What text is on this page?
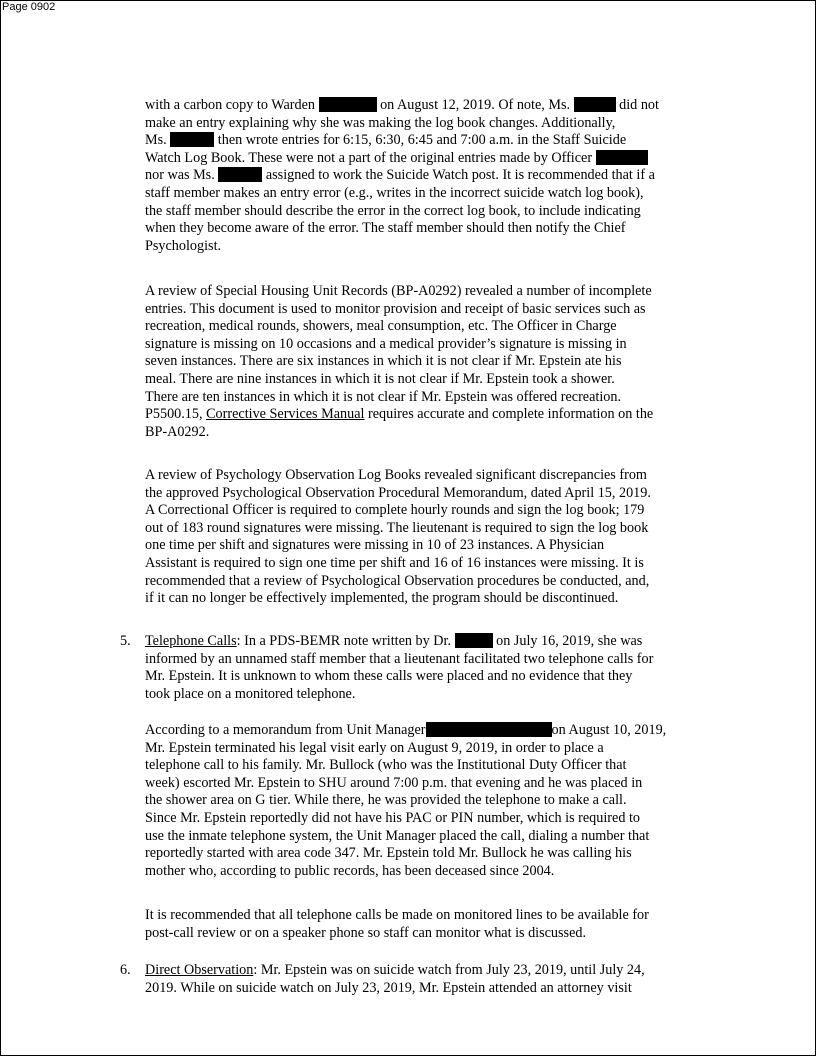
Page 0902
with a carbon copy to Warden	on August 12, 2019. Of note, Ms.	did not
make an entry explaining why she was making the log book changes. Additionally,
Ms.	then wrote entries for 6:15, 6:30, 6:45 and 7:00 a.m. in the Staff Suicide
Watch Log Book. These were not a part of the original entries made by Officer
nor was Ms.	assigned to work the Suicide Watch post. It is recommended that if a
staff member makes an entry error (e.g., writes in the incorrect suicide watch log book),
the staff member should describe the error in the correct log book, to include indicating
when they become aware of the error. The staff member should then notify the Chief
Psychologist.
A review of Special Housing Unit Records (BP-A0292) revealed a number of incomplete
entries. This document is used to monitor provision and receipt of basic services such as
recreation, medical rounds, showers, meal consumption, etc. The Officer in Charge
signature is missing on 10 occasions and a medical provider’s signature is missing in
seven instances. There are six instances in which it is not clear if Mr. Epstein ate his
meal. There are nine instances in which it is not clear if Mr. Epstein took a shower.
There are ten instances in which it is not clear if Mr. Epstein was offered recreation.
P5500.15, Corrective Services Manual requires accurate and complete information on the
BP-A0292.
A review of Psychology Observation Log Books revealed significant discrepancies from
the approved Psychological Observation Procedural Memorandum, dated April 15, 2019.
A Correctional Officer is required to complete hourly rounds and sign the log book; 179
out of 183 round signatures were missing. The lieutenant is required to sign the log book
one time per shift and signatures were missing in 10 of 23 instances. A Physician
Assistant is required to sign one time per shift and 16 of 16 instances were missing. It is
recommended that a review of Psychological Observation procedures be conducted, and,
if it can no longer be effectively implemented, the program should be discontinued.
5. Telephone Calls: In a PDS-BEMR note written by Dr.	on July 16, 2019, she was
informed by an unnamed staff member that a lieutenant facilitated two telephone calls for
Mr. Epstein. It is unknown to whom these calls were placed and no evidence that they
took place on a monitored telephone.
According to a memorandum from Unit Manager	on August 10, 2019,
Mr. Epstein terminated his legal visit early on August 9, 2019, in order to place a
telephone call to his family. Mr. Bullock (who was the Institutional Duty Officer that
week) escorted Mr. Epstein to SHU around 7:00 p.m. that evening and he was placed in
the shower area on G tier. While there, he was provided the telephone to make a call.
Since Mr. Epstein reportedly did not have his PAC or PIN number, which is required to
use the inmate telephone system, the Unit Manager placed the call, dialing a number that
reportedly started with area code 347. Mr. Epstein told Mr. Bullock he was calling his
mother who, according to public records, has been deceased since 2004.
It is recommended that all telephone calls be made on monitored lines to be available for
post-call review or on a speaker phone so staff can monitor what is discussed.
6. Direct Observation: Mr. Epstein was on suicide watch from July 23, 2019, until July 24,
2019. While on suicide watch on July 23, 2019, Mr. Epstein attended an attorney visit
